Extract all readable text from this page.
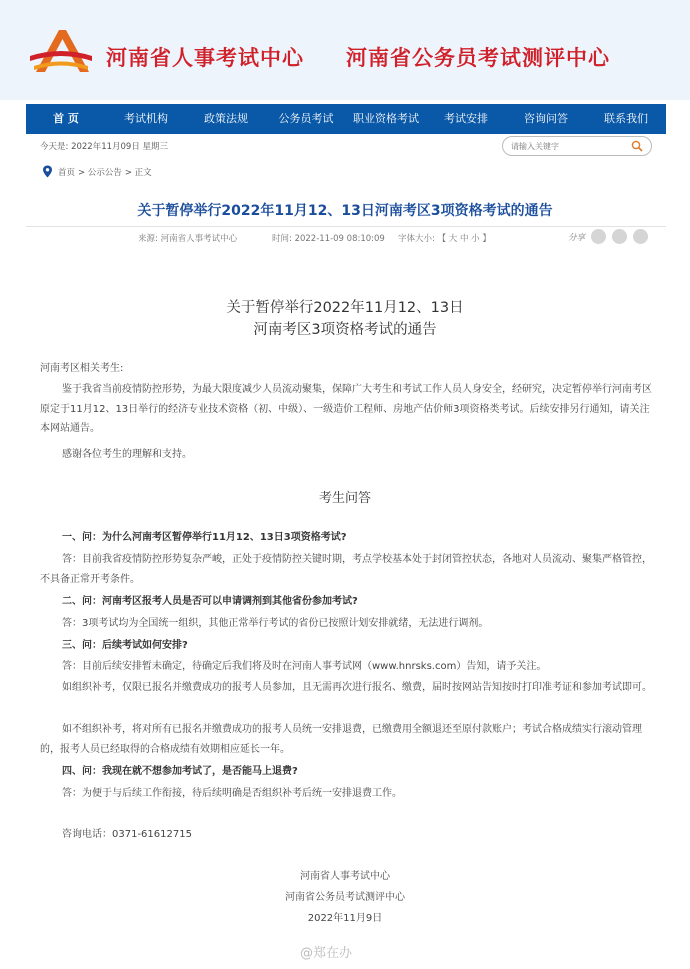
河南省人事考试中心 河南省公务员考试测评中心
首 页	考试机构	政策法规	公务员考试	职业资格考试	考试安排	咨询问答	联系我们
今天是: 2022年11月09日 星期三
请输入关键字
首页 > 公示公告 > 正文
关于暂停举行2022年11月12、13日河南考区3项资格考试的通告
来源: 河南省人事考试中心	时间: 2022-11-09 08:10:09 字体大小: 【 大 中 小 】	分享
关于暂停举行2022年11月12、13日
河南考区3项资格考试的通告
河南考区相关考生:
鉴于我省当前疫情防控形势，为最大限度减少人员流动聚集，保障广大考生和考试工作人员人身安全，经研究，决定暂停举行河南考区原定于11月12、13日举行的经济专业技术资格（初、中级）、一级造价工程师、房地产估价师3项资格类考试。后续安排另行通知，请关注本网站通告。
感谢各位考生的理解和支持。
考生问答
一、问：为什么河南考区暂停举行11月12、13日3项资格考试?
答：目前我省疫情防控形势复杂严峻，正处于疫情防控关键时期，考点学校基本处于封闭管控状态，各地对人员流动、聚集严格管控，不具备正常开考条件。
二、问：河南考区报考人员是否可以申请调剂到其他省份参加考试?
答：3项考试均为全国统一组织，其他正常举行考试的省份已按照计划安排就绪，无法进行调剂。
三、问：后续考试如何安排?
答：目前后续安排暂未确定，待确定后我们将及时在河南人事考试网（www.hnrsks.com）告知，请予关注。
如组织补考，仅限已报名并缴费成功的报考人员参加，且无需再次进行报名、缴费，届时按网站告知按时打印准考证和参加考试即可。
如不组织补考，将对所有已报名并缴费成功的报考人员统一安排退费，已缴费用全额退还至原付款账户；考试合格成绩实行滚动管理的，报考人员已经取得的合格成绩有效期相应延长一年。
四、问：我现在就不想参加考试了，是否能马上退费?
答：为便于与后续工作衔接，待后续明确是否组织补考后统一安排退费工作。
咨询电话：0371-61612715
河南省人事考试中心
河南省公务员考试测评中心
2022年11月9日
@郑在办
